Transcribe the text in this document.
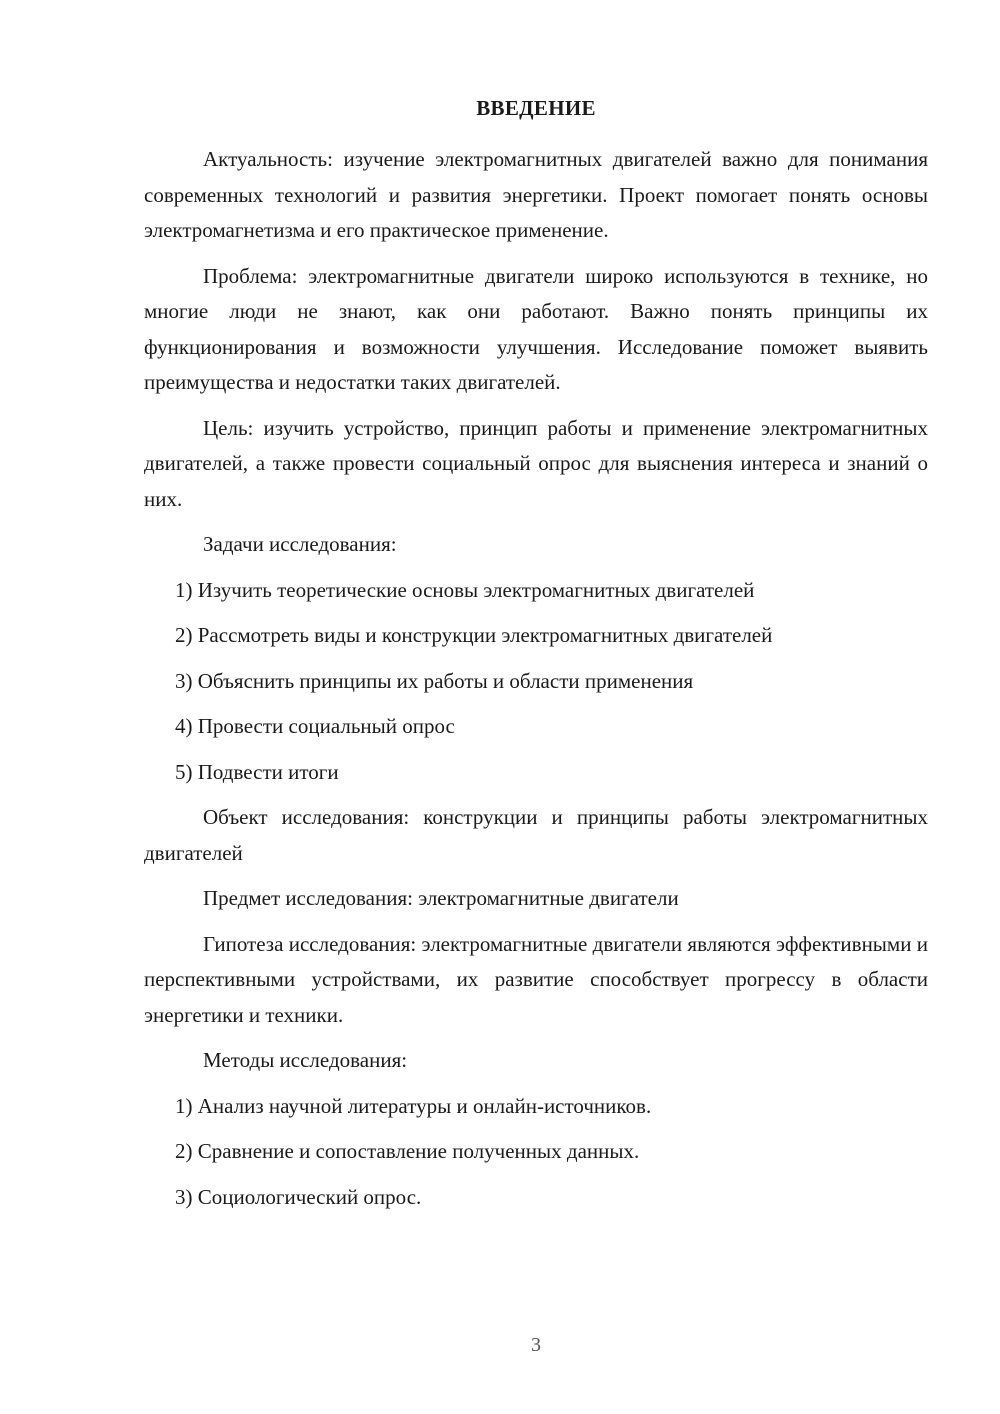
ВВЕДЕНИЕ

Актуальность: изучение электромагнитных двигателей важно для понимания современных технологий и развития энергетики. Проект помогает понять основы электромагнетизма и его практическое применение.

Проблема: электромагнитные двигатели широко используются в технике, но многие люди не знают, как они работают. Важно понять принципы их функционирования и возможности улучшения. Исследование поможет выявить преимущества и недостатки таких двигателей.

Цель: изучить устройство, принцип работы и применение электромагнитных двигателей, а также провести социальный опрос для выяснения интереса и знаний о них.

Задачи исследования:

1) Изучить теоретические основы электромагнитных двигателей

2) Рассмотреть виды и конструкции электромагнитных двигателей

3) Объяснить принципы их работы и области применения

4) Провести социальный опрос

5) Подвести итоги

Объект исследования: конструкции и принципы работы электромагнитных двигателей

Предмет исследования: электромагнитные двигатели

Гипотеза исследования: электромагнитные двигатели являются эффективными и перспективными устройствами, их развитие способствует прогрессу в области энергетики и техники.

Методы исследования:

1) Анализ научной литературы и онлайн-источников.

2) Сравнение и сопоставление полученных данных.

3) Социологический опрос.

3
